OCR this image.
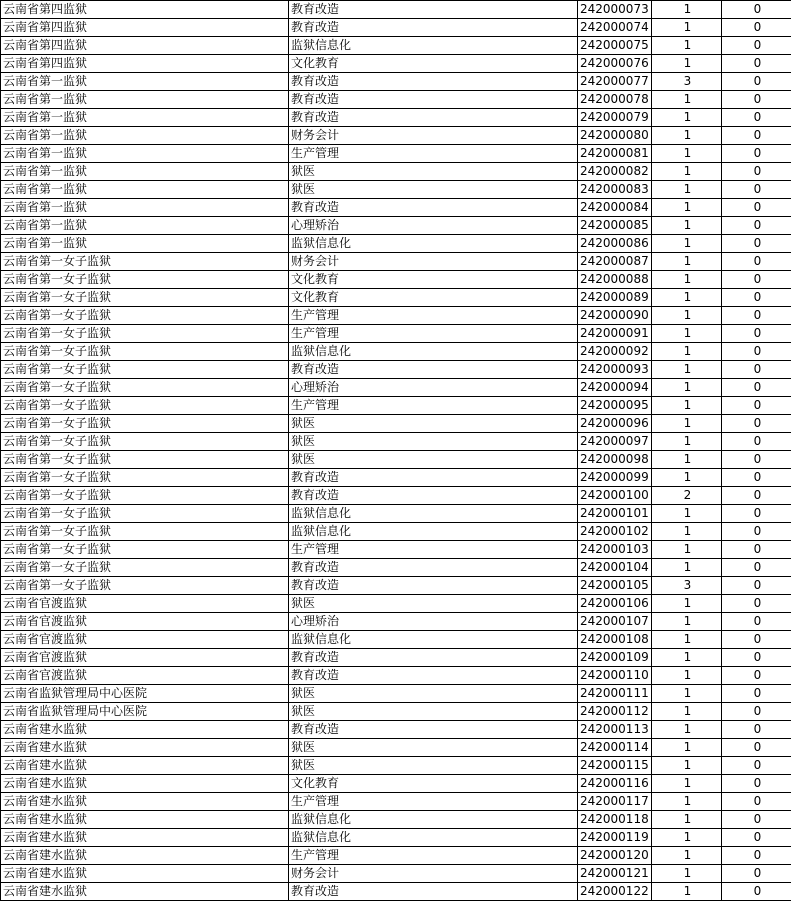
云南省第四监狱	教育改造	242000073	1	0
云南省第四监狱	教育改造	242000074	1	0
云南省第四监狱	监狱信息化	242000075	1	0
云南省第四监狱	文化教育	242000076	1	0
云南省第一监狱	教育改造	242000077	3	0
云南省第一监狱	教育改造	242000078	1	0
云南省第一监狱	教育改造	242000079	1	0
云南省第一监狱	财务会计	242000080	1	0
云南省第一监狱	生产管理	242000081	1	0
云南省第一监狱	狱医	242000082	1	0
云南省第一监狱	狱医	242000083	1	0
云南省第一监狱	教育改造	242000084	1	0
云南省第一监狱	心理矫治	242000085	1	0
云南省第一监狱	监狱信息化	242000086	1	0
云南省第一女子监狱	财务会计	242000087	1	0
云南省第一女子监狱	文化教育	242000088	1	0
云南省第一女子监狱	文化教育	242000089	1	0
云南省第一女子监狱	生产管理	242000090	1	0
云南省第一女子监狱	生产管理	242000091	1	0
云南省第一女子监狱	监狱信息化	242000092	1	0
云南省第一女子监狱	教育改造	242000093	1	0
云南省第一女子监狱	心理矫治	242000094	1	0
云南省第一女子监狱	生产管理	242000095	1	0
云南省第一女子监狱	狱医	242000096	1	0
云南省第一女子监狱	狱医	242000097	1	0
云南省第一女子监狱	狱医	242000098	1	0
云南省第一女子监狱	教育改造	242000099	1	0
云南省第一女子监狱	教育改造	242000100	2	0
云南省第一女子监狱	监狱信息化	242000101	1	0
云南省第一女子监狱	监狱信息化	242000102	1	0
云南省第一女子监狱	生产管理	242000103	1	0
云南省第一女子监狱	教育改造	242000104	1	0
云南省第一女子监狱	教育改造	242000105	3	0
云南省官渡监狱	狱医	242000106	1	0
云南省官渡监狱	心理矫治	242000107	1	0
云南省官渡监狱	监狱信息化	242000108	1	0
云南省官渡监狱	教育改造	242000109	1	0
云南省官渡监狱	教育改造	242000110	1	0
云南省监狱管理局中心医院	狱医	242000111	1	0
云南省监狱管理局中心医院	狱医	242000112	1	0
云南省建水监狱	教育改造	242000113	1	0
云南省建水监狱	狱医	242000114	1	0
云南省建水监狱	狱医	242000115	1	0
云南省建水监狱	文化教育	242000116	1	0
云南省建水监狱	生产管理	242000117	1	0
云南省建水监狱	监狱信息化	242000118	1	0
云南省建水监狱	监狱信息化	242000119	1	0
云南省建水监狱	生产管理	242000120	1	0
云南省建水监狱	财务会计	242000121	1	0
云南省建水监狱	教育改造	242000122	1	0
